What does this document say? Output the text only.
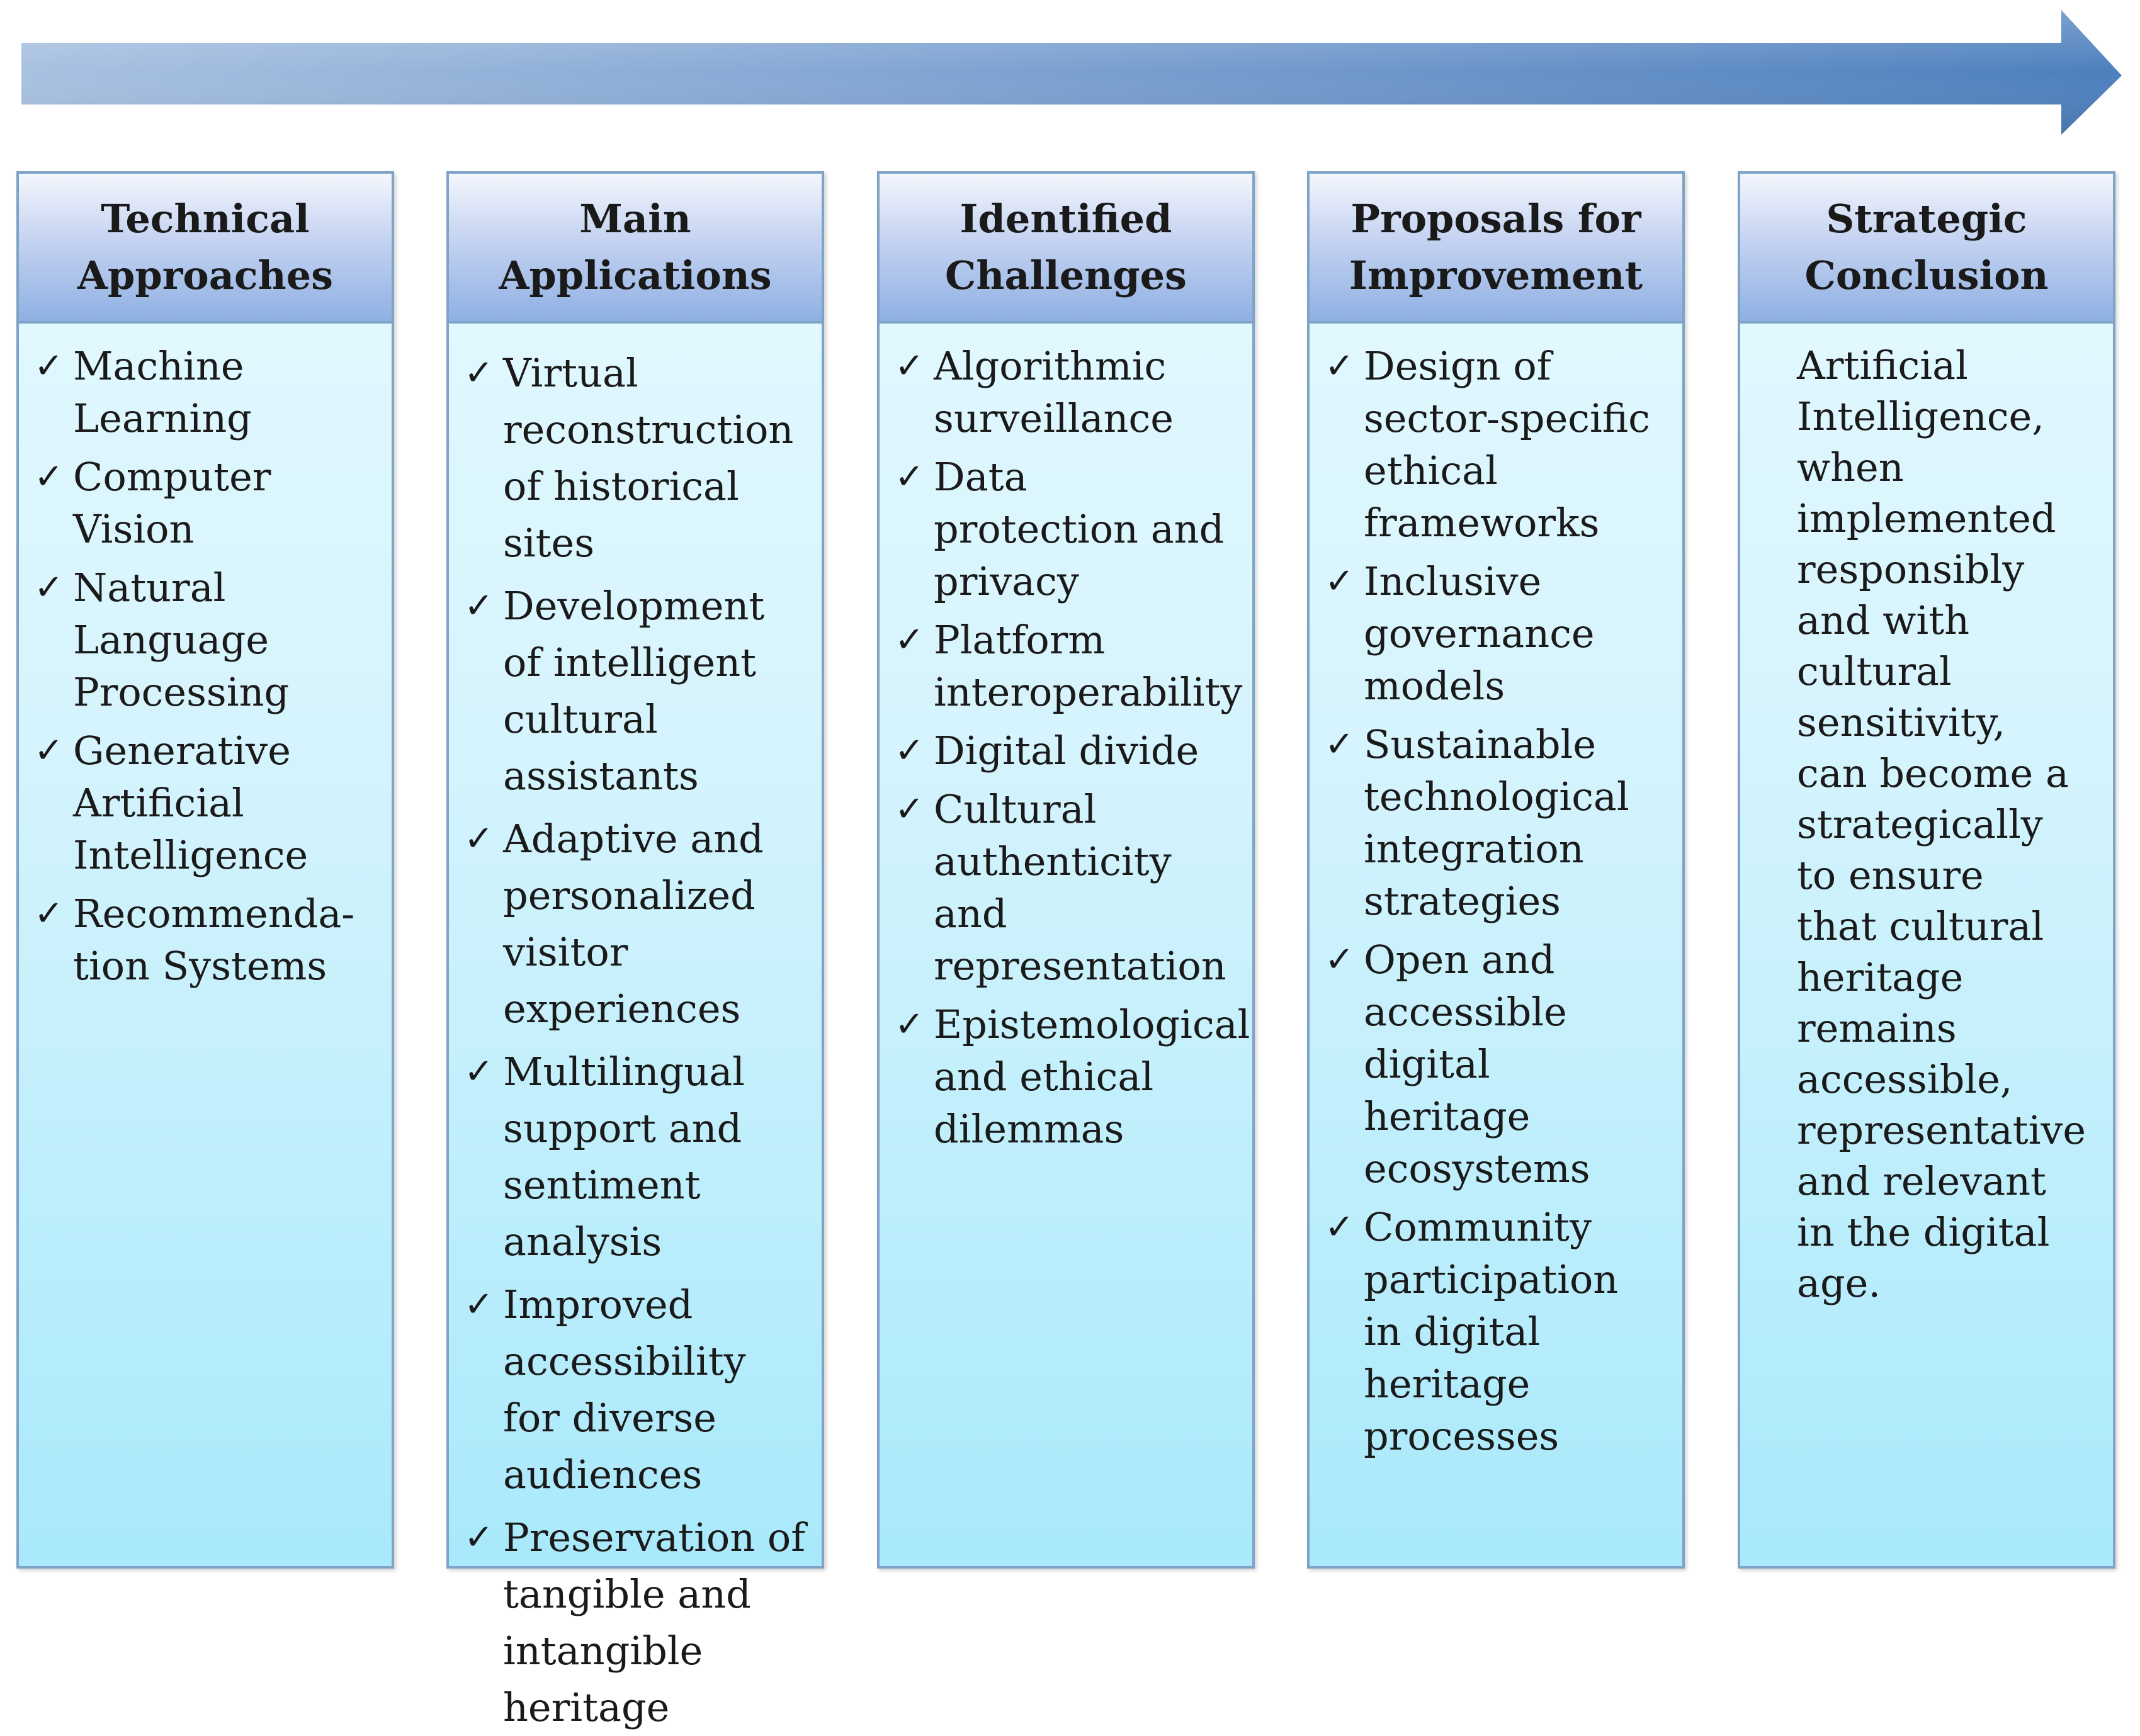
Technical Approaches
✓ Machine Learning
✓ Computer Vision
✓ Natural Language Processing
✓ Generative Artificial Intelligence
✓ Recommenda-tion Systems
Main Applications
✓ Virtual reconstruction of historical sites
✓ Development of intelligent cultural assistants
✓ Adaptive and personalized visitor experiences
✓ Multilingual support and sentiment analysis
✓ Improved accessibility for diverse audiences
✓ Preservation of tangible and intangible heritage
Identified Challenges
✓ Algorithmic surveillance
✓ Data protection and privacy
✓ Platform interoperability
✓ Digital divide
✓ Cultural authenticity and representation
✓ Epistemological and ethical dilemmas
Proposals for Improvement
✓ Design of sector-specific ethical frameworks
✓ Inclusive governance models
✓ Sustainable technological integration strategies
✓ Open and accessible digital heritage ecosystems
✓ Community participation in digital heritage processes
Strategic Conclusion

Artificial Intelligence, when implemented responsibly and with cultural sensitivity, can become a strategically to ensure that cultural heritage remains accessible, representative and relevant in the digital age.
